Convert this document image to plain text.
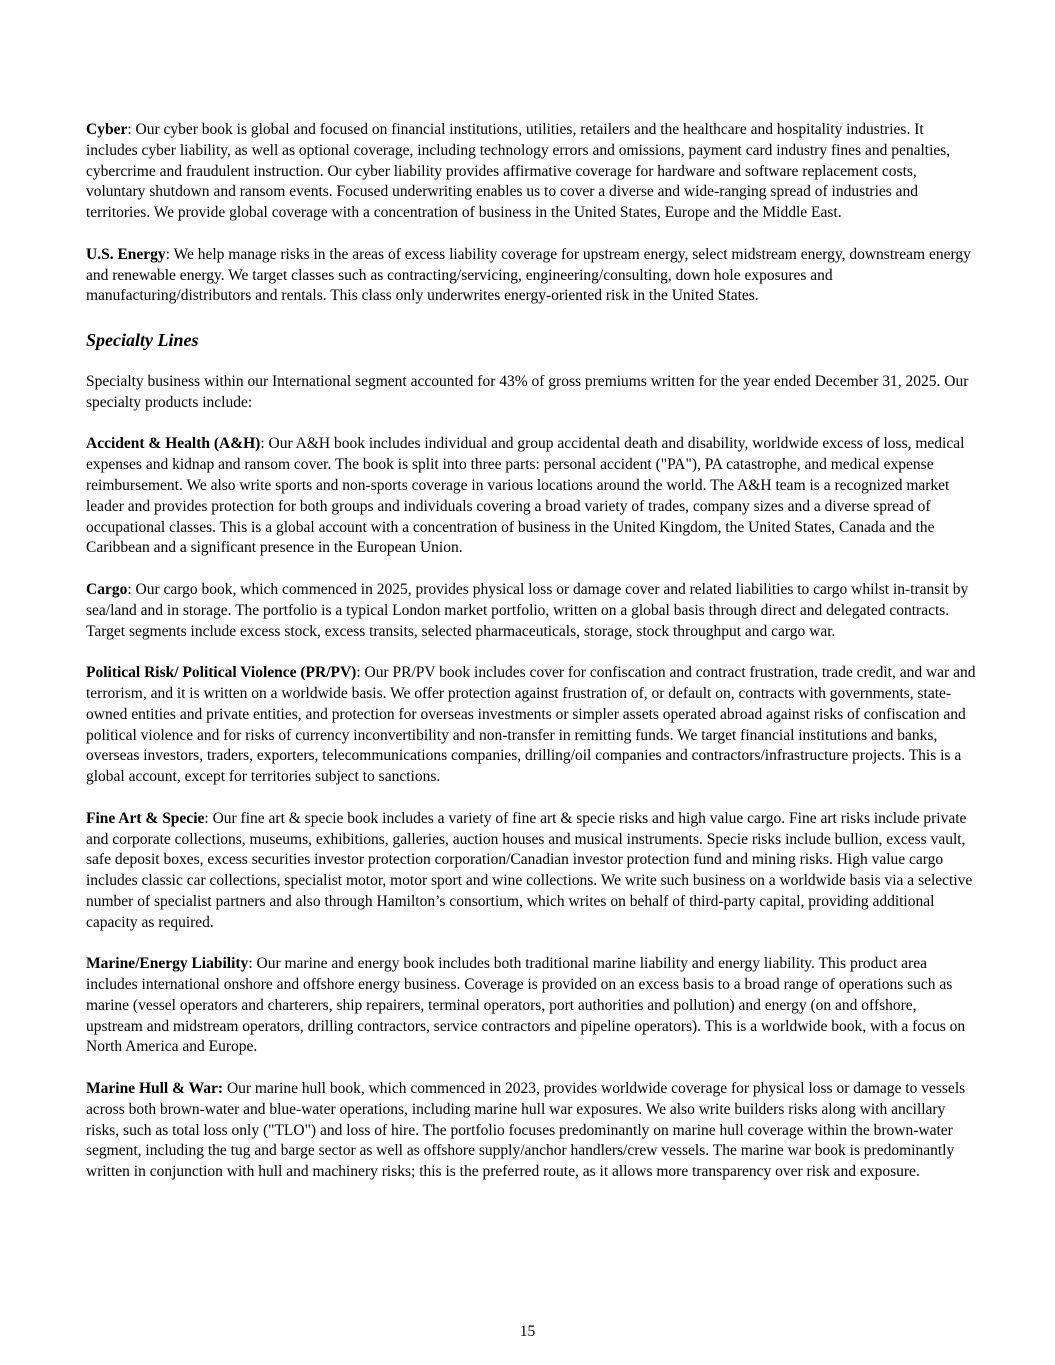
Cyber: Our cyber book is global and focused on financial institutions, utilities, retailers and the healthcare and hospitality industries. It includes cyber liability, as well as optional coverage, including technology errors and omissions, payment card industry fines and penalties, cybercrime and fraudulent instruction. Our cyber liability provides affirmative coverage for hardware and software replacement costs, voluntary shutdown and ransom events. Focused underwriting enables us to cover a diverse and wide-ranging spread of industries and territories. We provide global coverage with a concentration of business in the United States, Europe and the Middle East.

U.S. Energy: We help manage risks in the areas of excess liability coverage for upstream energy, select midstream energy, downstream energy and renewable energy. We target classes such as contracting/servicing, engineering/consulting, down hole exposures and manufacturing/distributors and rentals. This class only underwrites energy-oriented risk in the United States.

Specialty Lines

Specialty business within our International segment accounted for 43% of gross premiums written for the year ended December 31, 2025. Our specialty products include:

Accident & Health (A&H): Our A&H book includes individual and group accidental death and disability, worldwide excess of loss, medical expenses and kidnap and ransom cover. The book is split into three parts: personal accident ("PA"), PA catastrophe, and medical expense reimbursement. We also write sports and non-sports coverage in various locations around the world. The A&H team is a recognized market leader and provides protection for both groups and individuals covering a broad variety of trades, company sizes and a diverse spread of occupational classes. This is a global account with a concentration of business in the United Kingdom, the United States, Canada and the Caribbean and a significant presence in the European Union.

Cargo: Our cargo book, which commenced in 2025, provides physical loss or damage cover and related liabilities to cargo whilst in-transit by sea/land and in storage. The portfolio is a typical London market portfolio, written on a global basis through direct and delegated contracts. Target segments include excess stock, excess transits, selected pharmaceuticals, storage, stock throughput and cargo war.

Political Risk/ Political Violence (PR/PV): Our PR/PV book includes cover for confiscation and contract frustration, trade credit, and war and terrorism, and it is written on a worldwide basis. We offer protection against frustration of, or default on, contracts with governments, state-owned entities and private entities, and protection for overseas investments or simpler assets operated abroad against risks of confiscation and political violence and for risks of currency inconvertibility and non-transfer in remitting funds. We target financial institutions and banks, overseas investors, traders, exporters, telecommunications companies, drilling/oil companies and contractors/infrastructure projects. This is a global account, except for territories subject to sanctions.

Fine Art & Specie: Our fine art & specie book includes a variety of fine art & specie risks and high value cargo. Fine art risks include private and corporate collections, museums, exhibitions, galleries, auction houses and musical instruments. Specie risks include bullion, excess vault, safe deposit boxes, excess securities investor protection corporation/Canadian investor protection fund and mining risks. High value cargo includes classic car collections, specialist motor, motor sport and wine collections. We write such business on a worldwide basis via a selective number of specialist partners and also through Hamilton’s consortium, which writes on behalf of third-party capital, providing additional capacity as required.

Marine/Energy Liability: Our marine and energy book includes both traditional marine liability and energy liability. This product area includes international onshore and offshore energy business. Coverage is provided on an excess basis to a broad range of operations such as marine (vessel operators and charterers, ship repairers, terminal operators, port authorities and pollution) and energy (on and offshore, upstream and midstream operators, drilling contractors, service contractors and pipeline operators). This is a worldwide book, with a focus on North America and Europe.

Marine Hull & War: Our marine hull book, which commenced in 2023, provides worldwide coverage for physical loss or damage to vessels across both brown-water and blue-water operations, including marine hull war exposures. We also write builders risks along with ancillary risks, such as total loss only ("TLO") and loss of hire. The portfolio focuses predominantly on marine hull coverage within the brown-water segment, including the tug and barge sector as well as offshore supply/anchor handlers/crew vessels. The marine war book is predominantly written in conjunction with hull and machinery risks; this is the preferred route, as it allows more transparency over risk and exposure.

15
